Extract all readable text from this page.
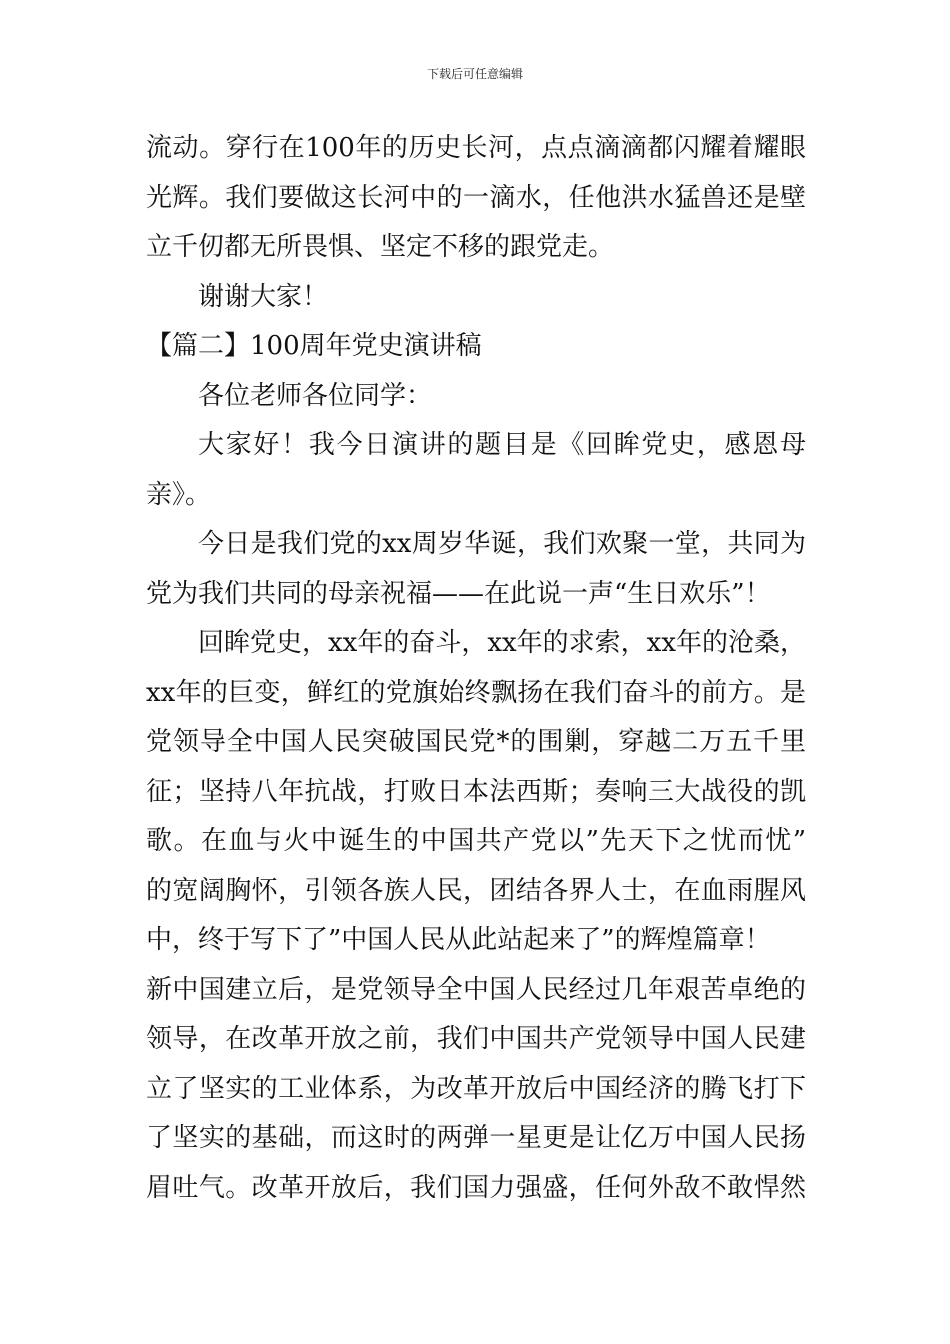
下载后可任意编辑
流动。穿行在100年的历史长河，点点滴滴都闪耀着耀眼
光辉。我们要做这长河中的一滴水，任他洪水猛兽还是壁
立千仞都无所畏惧、坚定不移的跟党走。
谢谢大家！
【篇二】100周年党史演讲稿
各位老师各位同学：
大家好！我今日演讲的题目是《回眸党史，感恩母
亲》。
今日是我们党的xx周岁华诞，我们欢聚一堂，共同为
党为我们共同的母亲祝福——在此说一声“生日欢乐”！
回眸党史，xx年的奋斗，xx年的求索，xx年的沧桑，
xx年的巨变，鲜红的党旗始终飘扬在我们奋斗的前方。是
党领导全中国人民突破国民党*的围剿，穿越二万五千里
征；坚持八年抗战，打败日本法西斯；奏响三大战役的凯
歌。在血与火中诞生的中国共产党以”先天下之忧而忧”
的宽阔胸怀，引领各族人民，团结各界人士，在血雨腥风
中，终于写下了”中国人民从此站起来了”的辉煌篇章！
新中国建立后，是党领导全中国人民经过几年艰苦卓绝的
领导，在改革开放之前，我们中国共产党领导中国人民建
立了坚实的工业体系，为改革开放后中国经济的腾飞打下
了坚实的基础，而这时的两弹一星更是让亿万中国人民扬
眉吐气。改革开放后，我们国力强盛，任何外敌不敢悍然
